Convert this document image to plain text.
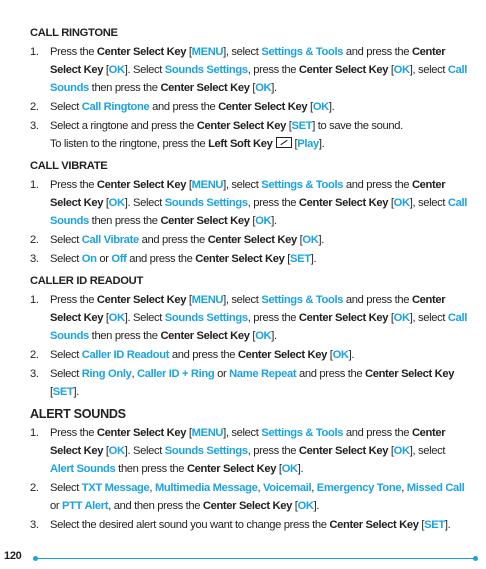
CALL RINGTONE
1.	Press the Center Select Key [MENU], select Settings & Tools and press the Center Select Key [OK]. Select Sounds Settings, press the Center Select Key [OK], select Call Sounds then press the Center Select Key [OK].
2.	Select Call Ringtone and press the Center Select Key [OK].
3.	Select a ringtone and press the Center Select Key [SET] to save the sound.
To listen to the ringtone, press the Left Soft Key [Play].
CALL VIBRATE
1.	Press the Center Select Key [MENU], select Settings & Tools and press the Center Select Key [OK]. Select Sounds Settings, press the Center Select Key [OK], select Call Sounds then press the Center Select Key [OK].
2.	Select Call Vibrate and press the Center Select Key [OK].
3.	Select On or Off and press the Center Select Key [SET].
CALLER ID READOUT
1.	Press the Center Select Key [MENU], select Settings & Tools and press the Center Select Key [OK]. Select Sounds Settings, press the Center Select Key [OK], select Call Sounds then press the Center Select Key [OK].
2.	Select Caller ID Readout and press the Center Select Key [OK].
3.	Select Ring Only, Caller ID + Ring or Name Repeat and press the Center Select Key [SET].
ALERT SOUNDS
1.	Press the Center Select Key [MENU], select Settings & Tools and press the Center Select Key [OK]. Select Sounds Settings, press the Center Select Key [OK], select Alert Sounds then press the Center Select Key [OK].
2.	Select TXT Message, Multimedia Message, Voicemail, Emergency Tone, Missed Call or PTT Alert, and then press the Center Select Key [OK].
3.	Select the desired alert sound you want to change press the Center Select Key [SET].
120
